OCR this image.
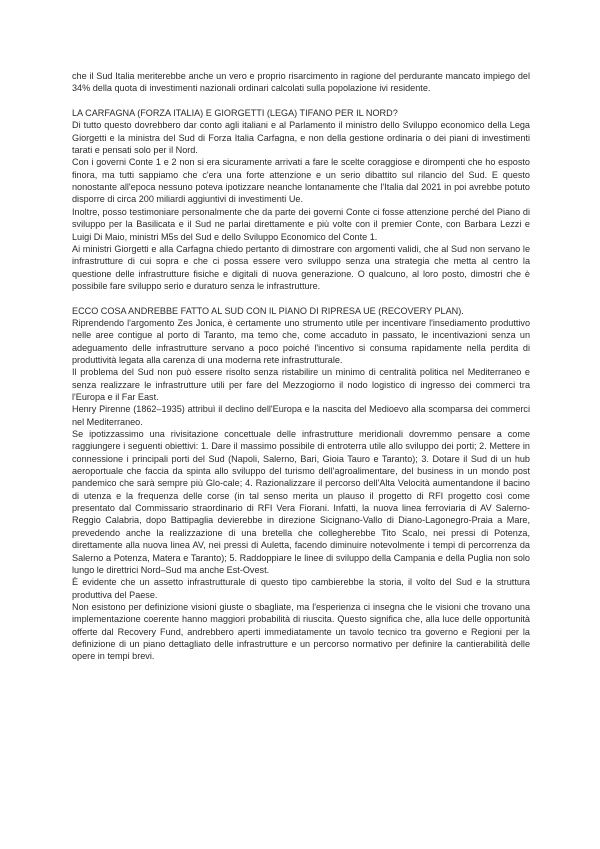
che il Sud Italia meriterebbe anche un vero e proprio risarcimento in ragione del perdurante mancato impiego del 34% della quota di investimenti nazionali ordinari calcolati sulla popolazione ivi residente.

LA CARFAGNA (FORZA ITALIA) E GIORGETTI (LEGA) TIFANO PER IL NORD?

Di tutto questo dovrebbero dar conto agli italiani e al Parlamento il ministro dello Sviluppo economico della Lega Giorgetti e la ministra del Sud di Forza Italia Carfagna, e non della gestione ordinaria o dei piani di investimenti tarati e pensati solo per il Nord.

Con i governi Conte 1 e 2 non si era sicuramente arrivati a fare le scelte coraggiose e dirompenti che ho esposto finora, ma tutti sappiamo che c'era una forte attenzione e un serio dibattito sul rilancio del Sud. E questo nonostante all'epoca nessuno poteva ipotizzare neanche lontanamente che l'Italia dal 2021 in poi avrebbe potuto disporre di circa 200 miliardi aggiuntivi di investimenti Ue.

Inoltre, posso testimoniare personalmente che da parte dei governi Conte ci fosse attenzione perché del Piano di sviluppo per la Basilicata e il Sud ne parlai direttamente e più volte con il premier Conte, con Barbara Lezzi e Luigi Di Maio, ministri M5s del Sud e dello Sviluppo Economico del Conte 1.

Ai ministri Giorgetti e alla Carfagna chiedo pertanto di dimostrare con argomenti validi, che al Sud non servano le infrastrutture di cui sopra e che ci possa essere vero sviluppo senza una strategia che metta al centro la questione delle infrastrutture fisiche e digitali di nuova generazione. O qualcuno, al loro posto, dimostri che è possibile fare sviluppo serio e duraturo senza le infrastrutture.

ECCO COSA ANDREBBE FATTO AL SUD CON IL PIANO DI RIPRESA UE (RECOVERY PLAN).

Riprendendo l'argomento Zes Jonica, è certamente uno strumento utile per incentivare l'insediamento produttivo nelle aree contigue al porto di Taranto, ma temo che, come accaduto in passato, le incentivazioni senza un adeguamento delle infrastrutture servano a poco poiché l'incentivo si consuma rapidamente nella perdita di produttività legata alla carenza di una moderna rete infrastrutturale.

Il problema del Sud non può essere risolto senza ristabilire un minimo di centralità politica nel Mediterraneo e senza realizzare le infrastrutture utili per fare del Mezzogiorno il nodo logistico di ingresso dei commerci tra l'Europa e il Far East.

Henry Pirenne (1862–1935) attribuì il declino dell'Europa e la nascita del Medioevo alla scomparsa dei commerci nel Mediterraneo.

Se ipotizzassimo una rivisitazione concettuale delle infrastrutture meridionali dovremmo pensare a come raggiungere i seguenti obiettivi: 1. Dare il massimo possibile di entroterra utile allo sviluppo dei porti; 2. Mettere in connessione i principali porti del Sud (Napoli, Salerno, Bari, Gioia Tauro e Taranto); 3. Dotare il Sud di un hub aeroportuale che faccia da spinta allo sviluppo del turismo dell'agroalimentare, del business in un mondo post pandemico che sarà sempre più Glo-cale; 4. Razionalizzare il percorso dell'Alta Velocità aumentandone il bacino di utenza e la frequenza delle corse (in tal senso merita un plauso il progetto di RFI progetto così come presentato dal Commissario straordinario di RFI Vera Fiorani. Infatti, la nuova linea ferroviaria di AV Salerno-Reggio Calabria, dopo Battipaglia devierebbe in direzione Sicignano-Vallo di Diano-Lagonegro-Praia a Mare, prevedendo anche la realizzazione di una bretella che collegherebbe Tito Scalo, nei pressi di Potenza, direttamente alla nuova linea AV, nei pressi di Auletta, facendo diminuire notevolmente i tempi di percorrenza da Salerno a Potenza, Matera e Taranto); 5. Raddoppiare le linee di sviluppo della Campania e della Puglia non solo lungo le direttrici Nord–Sud ma anche Est-Ovest.

È evidente che un assetto infrastrutturale di questo tipo cambierebbe la storia, il volto del Sud e la struttura produttiva del Paese.

Non esistono per definizione visioni giuste o sbagliate, ma l'esperienza ci insegna che le visioni che trovano una implementazione coerente hanno maggiori probabilità di riuscita. Questo significa che, alla luce delle opportunità offerte dal Recovery Fund, andrebbero aperti immediatamente un tavolo tecnico tra governo e Regioni per la definizione di un piano dettagliato delle infrastrutture e un percorso normativo per definire la cantierabilità delle opere in tempi brevi.
